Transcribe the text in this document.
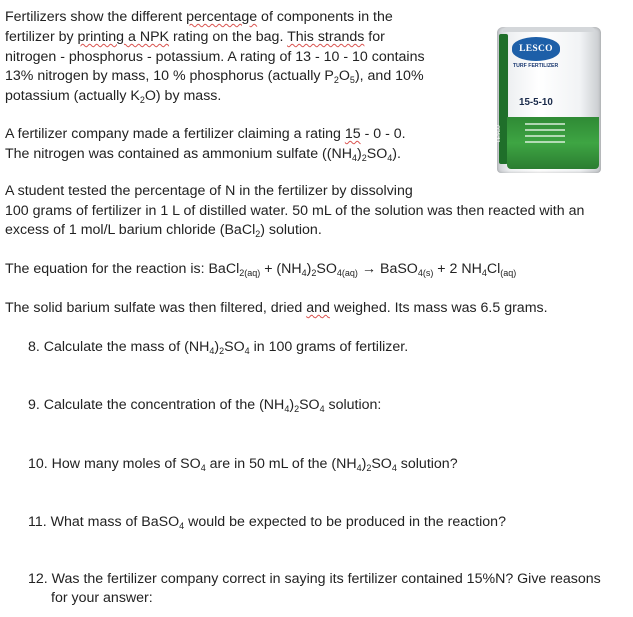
Fertilizers show the different percentage of components in the
fertilizer by printing a NPK rating on the bag. This strands for
nitrogen - phosphorus - potassium. A rating of 13 - 10 - 10 contains
13% nitrogen by mass, 10 % phosphorus (actually $P_2O_5$), and 10%
potassium (actually $K_2O$) by mass.
A fertilizer company made a fertilizer claiming a rating 15 - 0 - 0.
The nitrogen was contained as ammonium sulfate $((NH_4)_2SO_4)$.
A student tested the percentage of N in the fertilizer by dissolving
100 grams of fertilizer in 1 L of distilled water. 50 mL of the solution was then reacted with an
excess of 1 mol/L barium chloride (BaCl$_2$) solution.
The equation for the reaction is: BaCl$_{2(aq)}$ + $(NH_4)_2SO_{4(aq)}$ → BaSO$_{4(s)}$ + 2 $NH_4Cl_{(aq)}$
The solid barium sulfate was then filtered, dried and weighed. Its mass was 6.5 grams.
8. Calculate the mass of $(NH_4)_2SO_4$ in 100 grams of fertilizer.
9. Calculate the concentration of the $(NH_4)_2SO_4$ solution:
10. How many moles of $SO_4$ are in 50 mL of the $(NH_4)_2SO_4$ solution?
11. What mass of BaSO$_4$ would be expected to be produced in the reaction?
12. Was the fertilizer company correct in saying its fertilizer contained 15%N? Give reasons
for your answer:
LESCO
TURF FERTILIZER
15-5-10
LESCO
